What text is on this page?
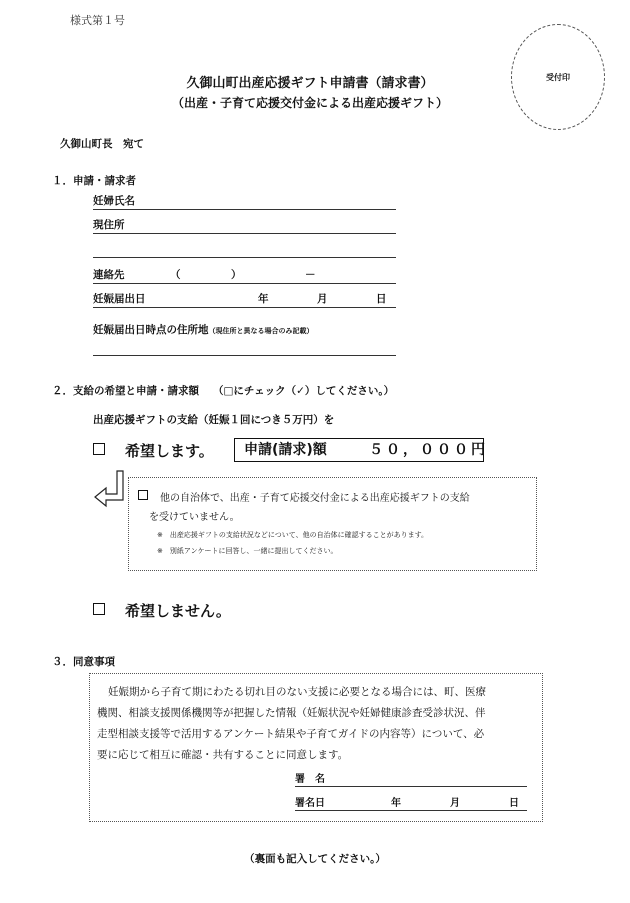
様式第１号
受付印
久御山町出産応援ギフト申請書（請求書）
（出産・子育て応援交付金による出産応援ギフト）
久御山町長　宛て
１．申請・請求者
妊婦氏名
現住所
連絡先	（	）	－
妊娠届出日	年	月	日
妊娠届出日時点の住所地（現住所と異なる場合のみ記載）
２．支給の希望と申請・請求額 （□にチェック（✓）してください。）
出産応援ギフトの支給（妊娠１回につき５万円）を
希望します。 申請(請求)額	５０，０００円
他の自治体で、出産・子育て応援交付金による出産応援ギフトの支給
を受けていません。
※　 出産応援ギフトの支給状況などについて、他の自治体に確認することがあります。
※　 別紙アンケートに回答し、一緒に提出してください。
希望しません。
３．同意事項
妊娠期から子育て期にわたる切れ目のない支援に必要となる場合には、町、医療
機関、相談支援関係機関等が把握した情報（妊娠状況や妊婦健康診査受診状況、伴
走型相談支援等で活用するアンケート結果や子育てガイドの内容等）について、必
要に応じて相互に確認・共有することに同意します。
署　名
署名日	年	月	日
（裏面も記入してください。）
